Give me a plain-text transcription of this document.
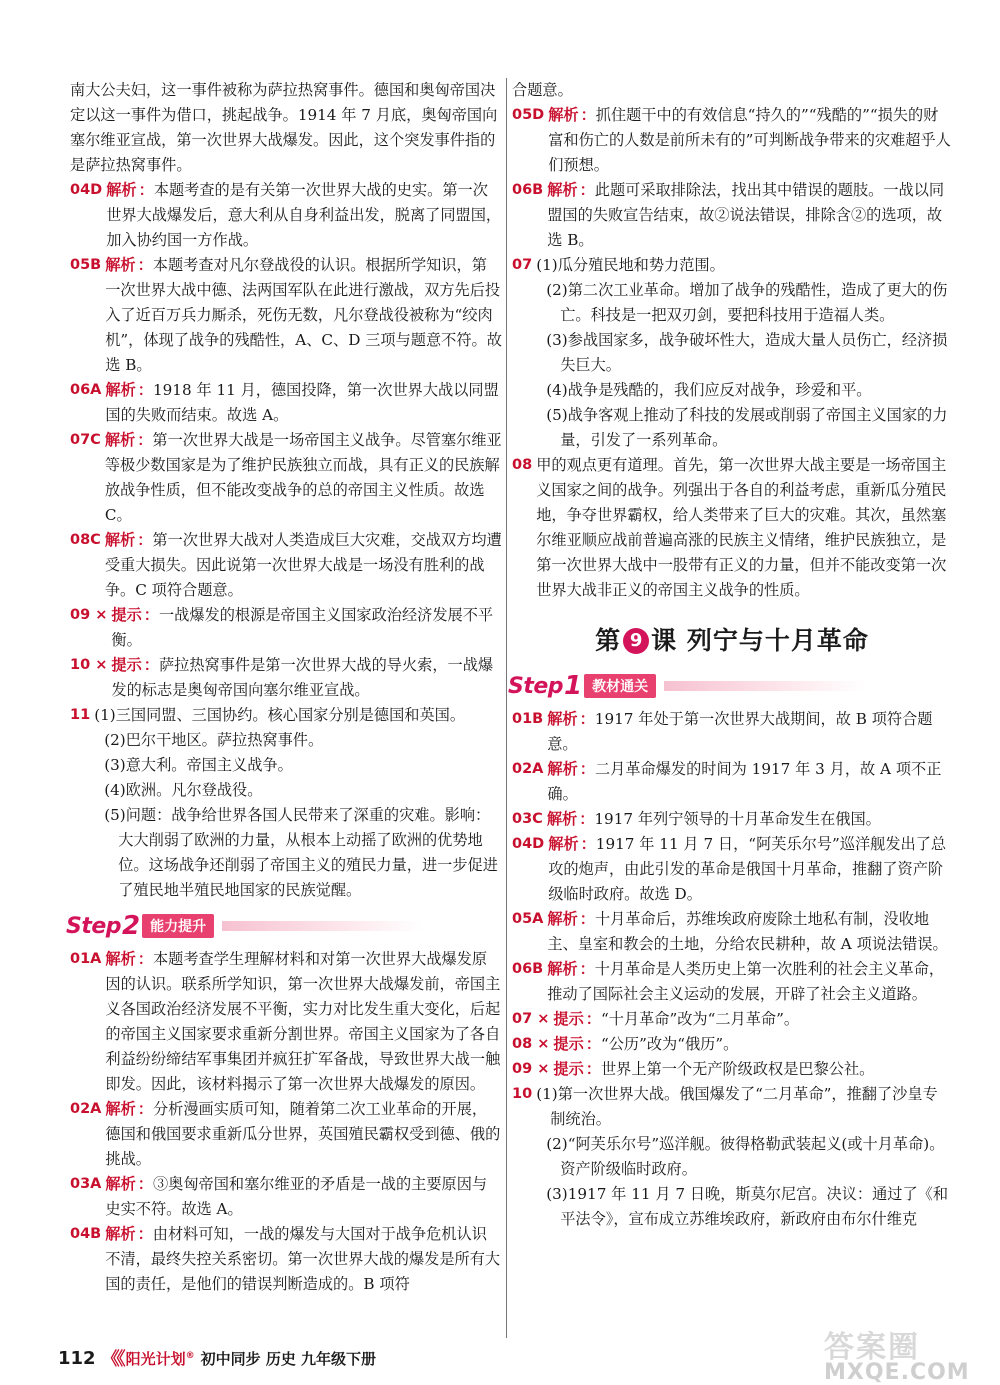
南大公夫妇，这一事件被称为萨拉热窝事件。德国和奥匈帝国决定以这一事件为借口，挑起战争。1914 年 7 月底，奥匈帝国向塞尔维亚宣战，第一次世界大战爆发。因此，这个突发事件指的是萨拉热窝事件。
04D 解析 ：本题考查的是有关第一次世界大战的史实。第一次世界大战爆发后，意大利从自身利益出发，脱离了同盟国，加入协约国一方作战。
05B 解析 ：本题考查对凡尔登战役的认识。根据所学知识，第一次世界大战中德、法两国军队在此进行激战，双方先后投入了近百万兵力厮杀，死伤无数，凡尔登战役被称为“绞肉机”，体现了战争的残酷性，A、C、D 三项与题意不符。故选 B。
06A 解析 ：1918 年 11 月，德国投降，第一次世界大战以同盟国的失败而结束。故选 A。
07C 解析 ：第一次世界大战是一场帝国主义战争。尽管塞尔维亚等极少数国家是为了维护民族独立而战，具有正义的民族解放战争性质，但不能改变战争的总的帝国主义性质。故选 C。
08C 解析 ：第一次世界大战对人类造成巨大灾难，交战双方均遭受重大损失。因此说第一次世界大战是一场没有胜利的战争。C 项符合题意。
09 × 提示 ：一战爆发的根源是帝国主义国家政治经济发展不平衡。
10 × 提示 ：萨拉热窝事件是第一次世界大战的导火索，一战爆发的标志是奥匈帝国向塞尔维亚宣战。
11 (1)三国同盟、三国协约。核心国家分别是德国和英国。
(2)巴尔干地区。萨拉热窝事件。
(3)意大利。帝国主义战争。
(4)欧洲。凡尔登战役。
(5)问题：战争给世界各国人民带来了深重的灾难。影响：大大削弱了欧洲的力量，从根本上动摇了欧洲的优势地位。这场战争还削弱了帝国主义的殖民力量，进一步促进了殖民地半殖民地国家的民族觉醒。
Step 2 能力提升
01A 解析 ：本题考查学生理解材料和对第一次世界大战爆发原因的认识。联系所学知识，第一次世界大战爆发前，帝国主义各国政治经济发展不平衡，实力对比发生重大变化，后起的帝国主义国家要求重新分割世界。帝国主义国家为了各自利益纷纷缔结军事集团并疯狂扩军备战，导致世界大战一触即发。因此，该材料揭示了第一次世界大战爆发的原因。
02A 解析 ：分析漫画实质可知，随着第二次工业革命的开展，德国和俄国要求重新瓜分世界，英国殖民霸权受到德、俄的挑战。
03A 解析 ：③奥匈帝国和塞尔维亚的矛盾是一战的主要原因与史实不符。故选 A。
04B 解析 ：由材料可知，一战的爆发与大国对于战争危机认识不清，最终失控关系密切。第一次世界大战的爆发是所有大国的责任，是他们的错误判断造成的。B 项符
合题意。
05D 解析 ：抓住题干中的有效信息“持久的”“残酷的”“损失的财富和伤亡的人数是前所未有的”可判断战争带来的灾难超乎人们预想。
06B 解析 ：此题可采取排除法，找出其中错误的题肢。一战以同盟国的失败宣告结束，故②说法错误，排除含②的选项，故选 B。
07 (1)瓜分殖民地和势力范围。
(2)第二次工业革命。增加了战争的残酷性，造成了更大的伤亡。科技是一把双刃剑，要把科技用于造福人类。
(3)参战国家多，战争破坏性大，造成大量人员伤亡，经济损失巨大。
(4)战争是残酷的，我们应反对战争，珍爱和平。
(5)战争客观上推动了科技的发展或削弱了帝国主义国家的力量，引发了一系列革命。
08 甲的观点更有道理。首先，第一次世界大战主要是一场帝国主义国家之间的战争。列强出于各自的利益考虑，重新瓜分殖民地，争夺世界霸权，给人类带来了巨大的灾难。其次，虽然塞尔维亚顺应战前普遍高涨的民族主义情绪，维护民族独立，是第一次世界大战中一股带有正义的力量，但并不能改变第一次世界大战非正义的帝国主义战争的性质。
第 9 课 列宁与十月革命
Step 1 教材通关
01B 解析 ：1917 年处于第一次世界大战期间，故 B 项符合题意。
02A 解析 ：二月革命爆发的时间为 1917 年 3 月，故 A 项不正确。
03C 解析 ：1917 年列宁领导的十月革命发生在俄国。
04D 解析 ：1917 年 11 月 7 日，“阿芙乐尔号”巡洋舰发出了总攻的炮声，由此引发的革命是俄国十月革命，推翻了资产阶级临时政府。故选 D。
05A 解析 ：十月革命后，苏维埃政府废除土地私有制，没收地主、皇室和教会的土地，分给农民耕种，故 A 项说法错误。
06B 解析 ：十月革命是人类历史上第一次胜利的社会主义革命，推动了国际社会主义运动的发展，开辟了社会主义道路。
07 × 提示 ：“十月革命”改为“二月革命”。
08 × 提示 ：“公历”改为“俄历”。
09 × 提示 ：世界上第一个无产阶级政权是巴黎公社。
10 (1)第一次世界大战。俄国爆发了“二月革命”，推翻了沙皇专制统治。
(2)“阿芙乐尔号”巡洋舰。彼得格勒武装起义(或十月革命)。资产阶级临时政府。
(3)1917 年 11 月 7 日晚，斯莫尔尼宫。决议：通过了《和平法令》，宣布成立苏维埃政府，新政府由布尔什维克
112 《《 阳光计划® 初中同步 历史 九年级下册	答案圈
MXQE.COM
